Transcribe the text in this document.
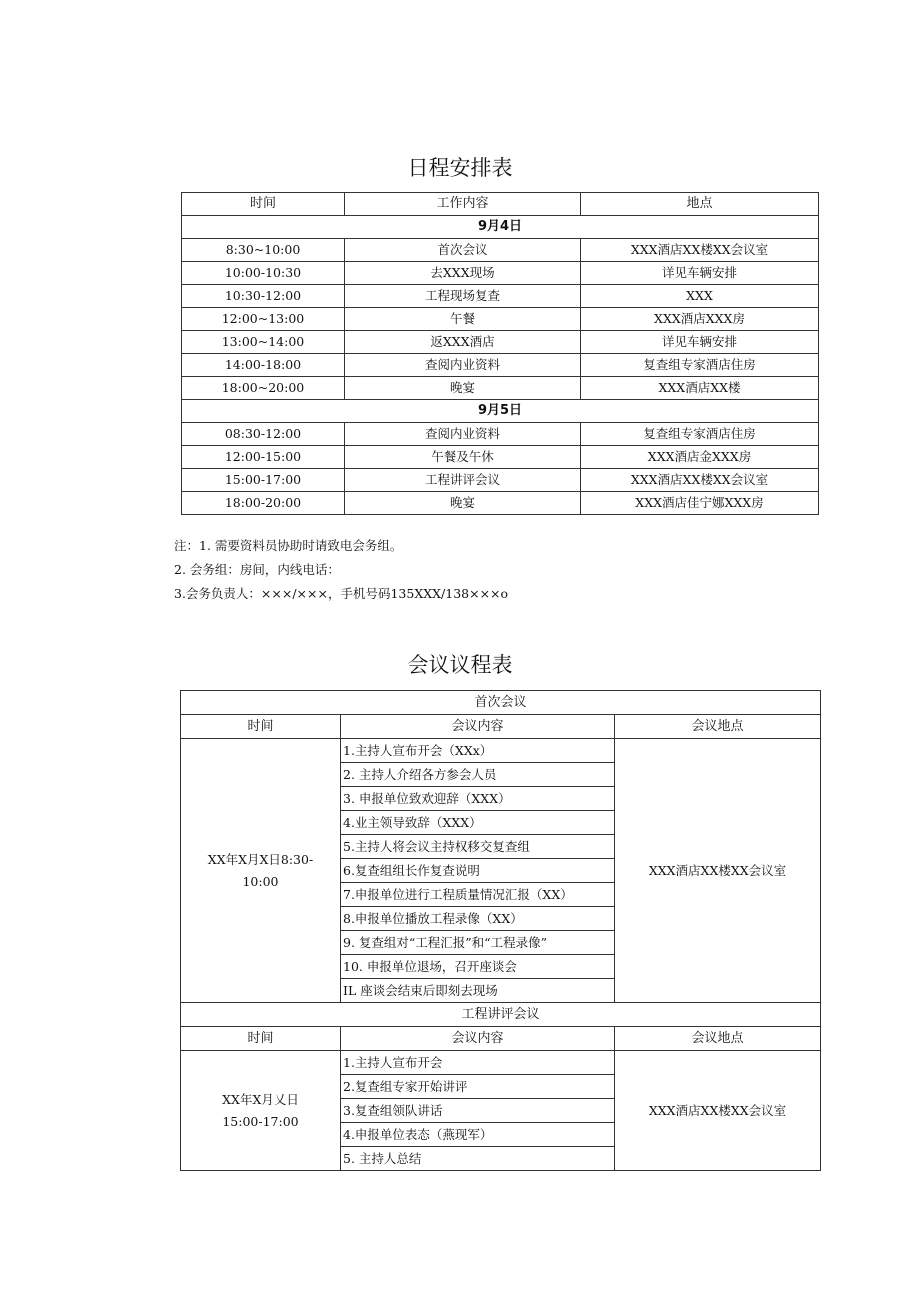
日程安排表
时间	工作内容	地点
9月4日		
8:30~10:00	首次会议	XXX酒店XX楼XX会议室
10:00-10:30	去XXX现场	详见车辆安排
10:30-12:00	工程现场复查	XXX
12:00~13:00	午餐	XXX酒店XXX房
13:00~14:00	返XXX酒店	详见车辆安排
14:00-18:00	查阅内业资料	复查组专家酒店住房
18:00~20:00	晚宴	XXX酒店XX楼
9月5日		
08:30-12:00	查阅内业资料	复查组专家酒店住房
12:00-15:00	午餐及午休	XXX酒店金XXX房
15:00-17:00	工程讲评会议	XXX酒店XX楼XX会议室
18:00-20:00	晚宴	XXX酒店佳宁娜XXX房
注：1. 需要资料员协助时请致电会务组。
2. 会务组：房间，内线电话：
3.会务负责人：×××/×××，手机号码135XXX/138×××o
会议议程表
首次会议		
时间	会议内容	会议地点
XX年X月X日8:30-
10:00	1.主持人宣布开会（XXx）	XXX酒店XX楼XX会议室
	2. 主持人介绍各方参会人员	
	3. 申报单位致欢迎辞（XXX）	
	4.业主领导致辞（XXX）	
	5.主持人将会议主持权移交复查组	
	6.复查组组长作复查说明	
	7.申报单位进行工程质量情况汇报（XX）	
	8.申报单位播放工程录像（XX）	
	9. 复查组对“工程汇报”和“工程录像”	
	10. 申报单位退场，召开座谈会	
	IL 座谈会结束后即刻去现场	
工程讲评会议		
时间	会议内容	会议地点
XX年X月乂日
15:00-17:00	1.主持人宣布开会	XXX酒店XX楼XX会议室
	2.复查组专家开始讲评	
	3.复查组领队讲话	
	4.申报单位表态（燕现军）	
	5. 主持人总结	
